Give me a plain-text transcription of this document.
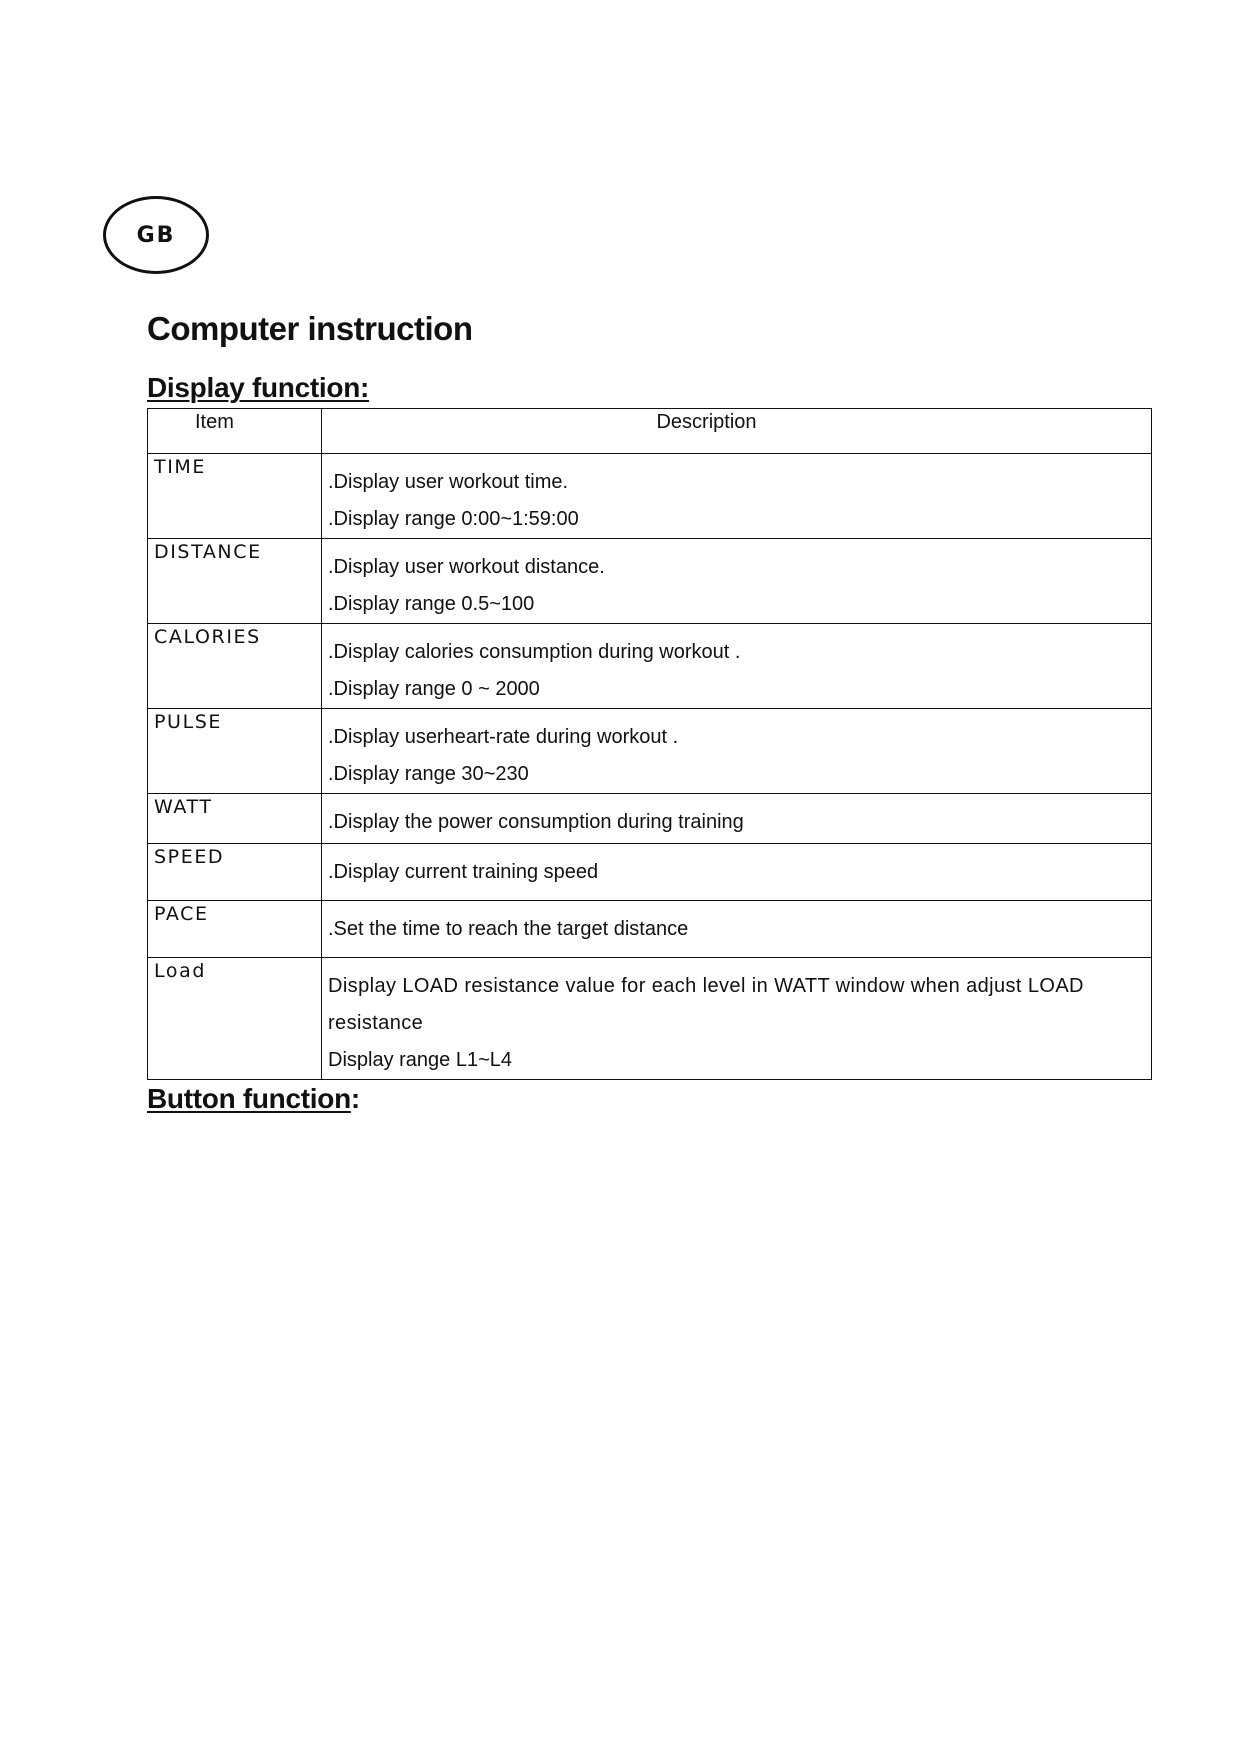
GB
Computer instruction
Display function:
Item	Description
TIME	.Display user workout time.
.Display range 0:00~1:59:00

DISTANCE	.Display user workout distance.
.Display range 0.5~100

CALORIES	.Display calories consumption during workout .
.Display range 0 ~ 2000

PULSE	.Display userheart-rate during workout .
.Display range 30~230

WATT	.Display the power consumption during training

SPEED	.Display current training speed

PACE	.Set the time to reach the target distance

Load	Display LOAD resistance value for each level in WATT window when adjust LOAD
resistance
Display range L1~L4
Button function:
